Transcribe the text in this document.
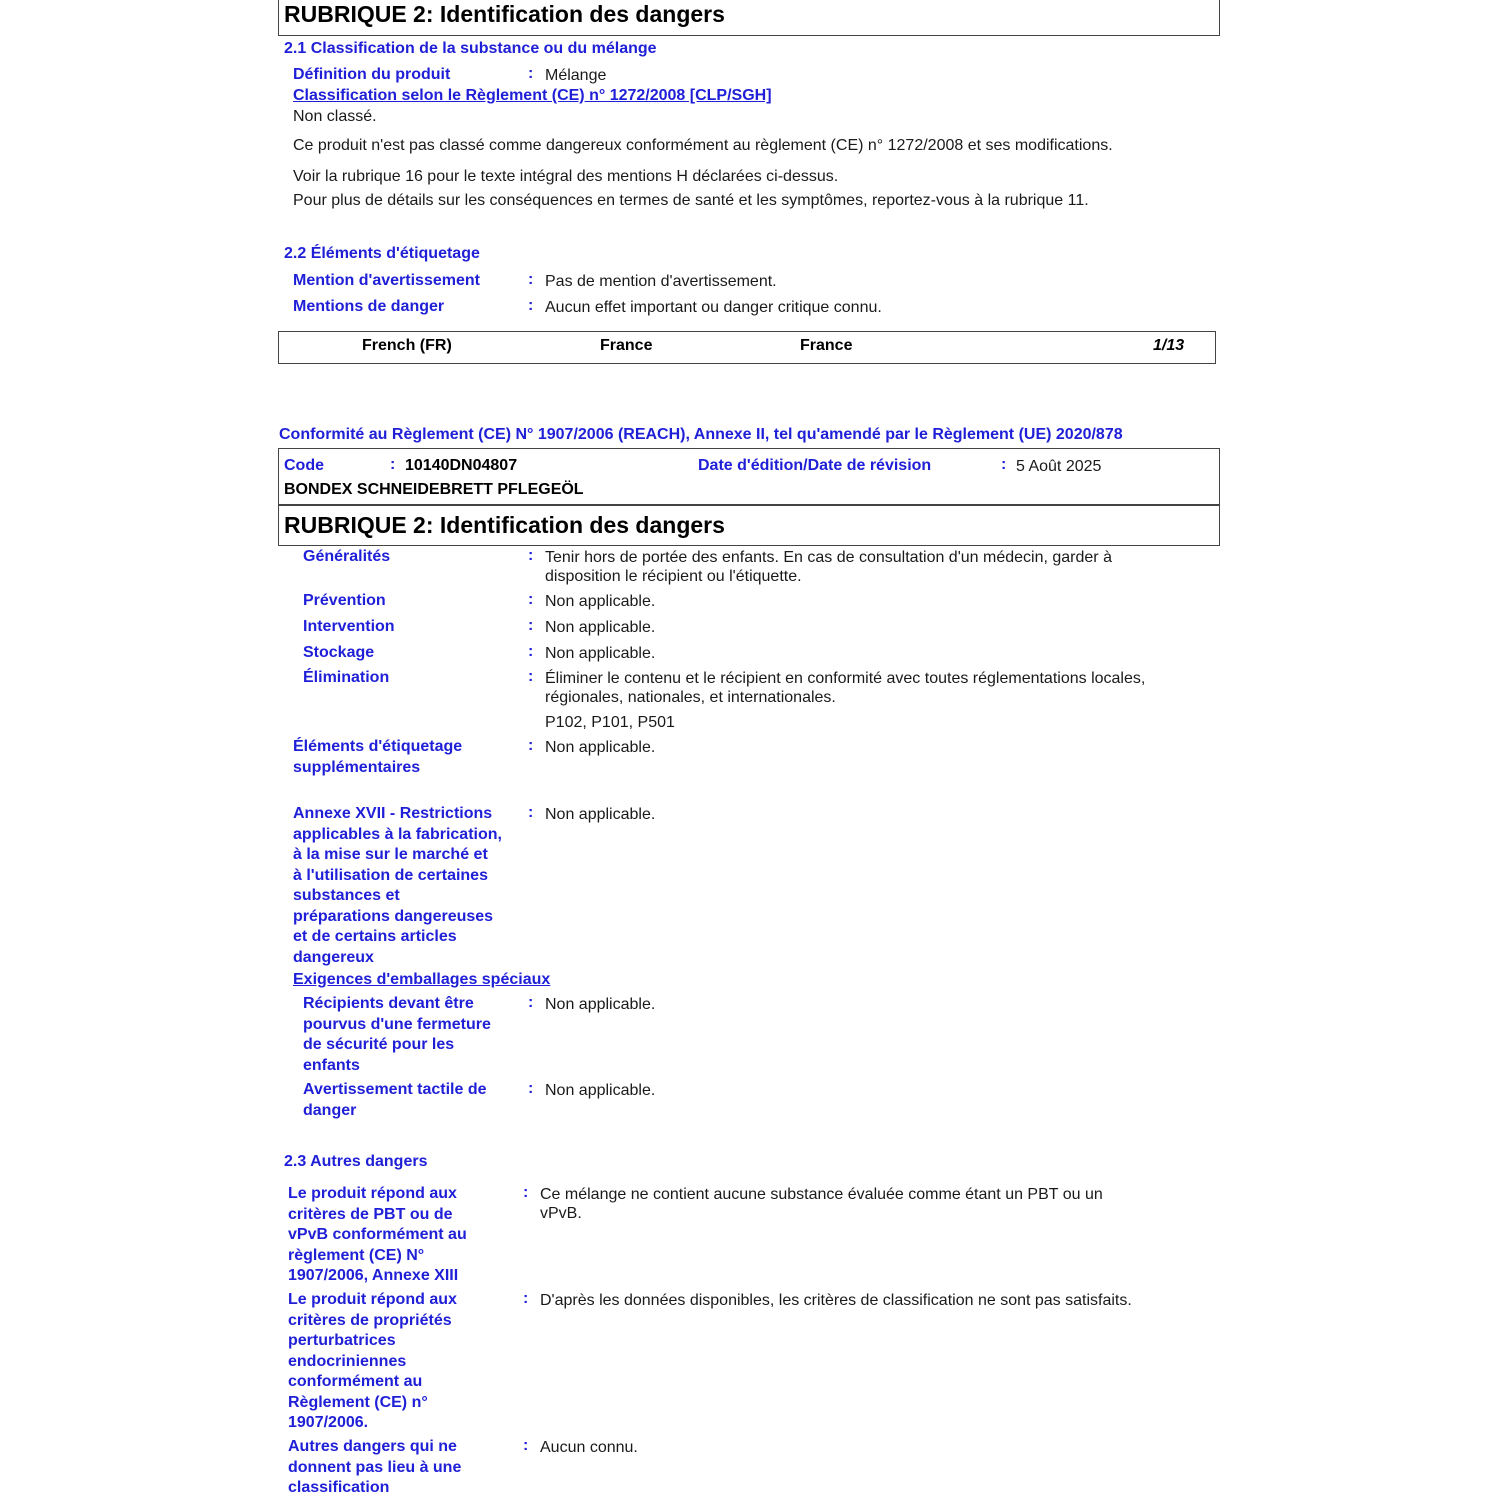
RUBRIQUE 2: Identification des dangers
2.1 Classification de la substance ou du mélange
Définition du produit	: Mélange
Classification selon le Règlement (CE) n° 1272/2008 [CLP/SGH]
Non classé.
Ce produit n'est pas classé comme dangereux conformément au règlement (CE) n° 1272/2008 et ses modifications.
Voir la rubrique 16 pour le texte intégral des mentions H déclarées ci-dessus.
Pour plus de détails sur les conséquences en termes de santé et les symptômes, reportez-vous à la rubrique 11.
2.2 Éléments d'étiquetage
Mention d'avertissement	: Pas de mention d'avertissement.
Mentions de danger	: Aucun effet important ou danger critique connu.
French (FR)	France	France	1/13
Conformité au Règlement (CE) N° 1907/2006 (REACH), Annexe II, tel qu'amendé par le Règlement (UE) 2020/878
Code	: 10140DN04807	Date d'édition/Date de révision	: 5 Août 2025
BONDEX SCHNEIDEBRETT PFLEGEÖL
RUBRIQUE 2: Identification des dangers
Généralités	: Tenir hors de portée des enfants. En cas de consultation d'un médecin, garder à
disposition le récipient ou l'étiquette.
Prévention	: Non applicable.
Intervention	: Non applicable.
Stockage	: Non applicable.
Élimination	: Éliminer le contenu et le récipient en conformité avec toutes réglementations locales,
régionales, nationales, et internationales.
P102, P101, P501
Éléments d'étiquetage
supplémentaires
: Non applicable.
Annexe XVII - Restrictions
applicables à la fabrication,
à la mise sur le marché et
à l'utilisation de certaines
substances et
préparations dangereuses
et de certains articles
dangereux
: Non applicable.
Exigences d'emballages spéciaux
Récipients devant être
pourvus d'une fermeture
de sécurité pour les
enfants
: Non applicable.
Avertissement tactile de
danger
: Non applicable.
2.3 Autres dangers
Le produit répond aux
critères de PBT ou de
vPvB conformément au
règlement (CE) N°
1907/2006, Annexe XIII
: Ce mélange ne contient aucune substance évaluée comme étant un PBT ou un
vPvB.
Le produit répond aux
critères de propriétés
perturbatrices
endocriniennes
conformément au
Règlement (CE) n°
1907/2006.
: D'après les données disponibles, les critères de classification ne sont pas satisfaits.
Autres dangers qui ne
donnent pas lieu à une
classification
: Aucun connu.
